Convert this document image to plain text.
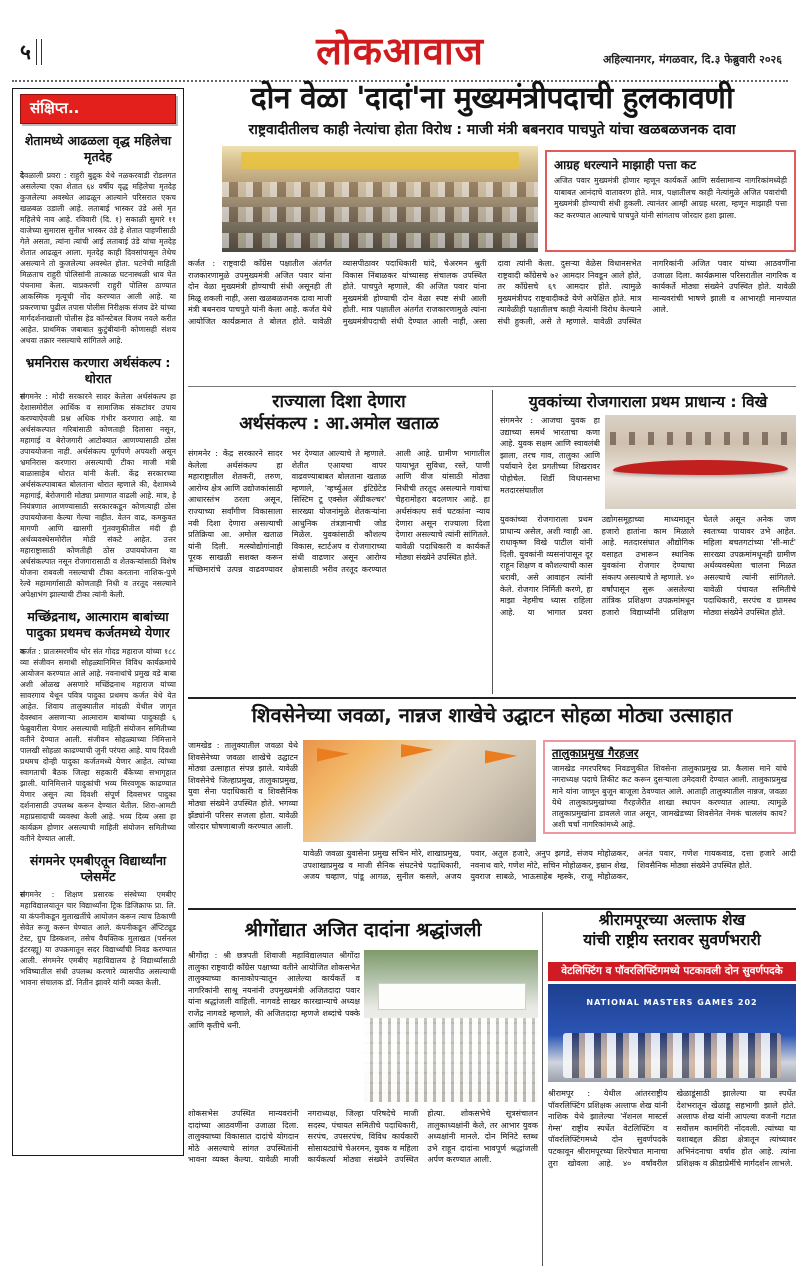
५	लोकआवाज	अहिल्यानगर, मंगळवार, दि.३ फेब्रुवारी २०२६
संक्षिप्त..
शेतामध्ये आढळला वृद्ध महिलेचा मृतदेह
देवळाली प्रवरा : राहुरी बुद्रुक येथे नळकरवाडी रोडलगत असलेल्या एका शेतात ६४ वर्षीय वृद्ध महिलेचा मृतदेह कुजलेल्या अवस्थेत आढळून आल्याने परिसरात एकच खळबळ उडाली आहे. लताबाई भास्कर उंडे असे मृत महिलेचे नाव आहे. रविवारी (दि. १) सकाळी सुमारे ११ वाजेच्या सुमारास सुनील भास्कर उंडे हे शेतात पाहणीसाठी गेले असता, त्यांना त्यांची आई लताबाई उंडे यांचा मृतदेह शेतात आढळून आला. मृतदेह काही दिवसांपासून तेथेच असल्याने तो कुजलेल्या अवस्थेत होता. घटनेची माहिती मिळताच राहुरी पोलिसांनी तात्काळ घटनास्थळी धाव घेत पंचनामा केला. याप्रकरणी राहुरी पोलिस ठाण्यात आकस्मिक मृत्यूची नोंद करण्यात आली आहे. या प्रकरणाचा पुढील तपास पोलीस निरीक्षक संजय ढेरे यांच्या मार्गदर्शनाखाली पोलीस हेड कॉन्स्टेबल विजय नवले करीत आहेत. प्राथमिक जबाबात कुटुंबीयांनी कोणासही संशय अथवा तक्रार नसल्याचे सांगितले आहे.
भ्रमनिरास करणारा अर्थसंकल्प : थोरात
संगमनेर : मोदी सरकारने सादर केलेला अर्थसंकल्प हा देशासमोरील आर्थिक व सामाजिक संकटांवर उपाय करण्याऐवजी प्रश्न अधिक गंभीर करणारा आहे. या अर्थसंकल्पात गरिबांसाठी कोणताही दिलासा नसून, महागाई व बेरोजगारी आटोक्यात आणण्यासाठी ठोस उपाययोजना नाही. अर्थसंकल्प पूर्णपणे अपयशी असून भ्रमनिरास करणारा असल्याची टीका माजी मंत्री बाळासाहेब थोरात यांनी केली. केंद्र सरकारच्या अर्थसंकल्पाबाबत बोलताना थोरात म्हणाले की, देशामध्ये महागाई, बेरोजगारी मोठ्या प्रमाणात वाढली आहे. मात्र, हे नियंत्रणात आणण्यासाठी सरकारकडून कोणत्याही ठोस उपाययोजना केल्या गेल्या नाहीत. वेतन वाढ, कमकुवत मागणी आणि खासगी गुंतवणुकीतील मंदी ही अर्थव्यवस्थेसमोरील मोठी संकटे आहेत. उत्तर महाराष्ट्रासाठी कोणतीही ठोस उपाययोजना या अर्थसंकल्पात नसून रोजगारासाठी व शेतकऱ्यांसाठी विशेष योजना राबवली नसल्याची टीका करताना नाशिक-पुणे रेल्वे महामार्गासाठी कोणताही निधी व तरतूद नसल्याने अपेक्षाभंग झाल्याची टीका त्यांनी केली.
मच्छिंद्रनाथ, आत्माराम बाबांच्या पादुका प्रथमच कर्जतमध्ये येणार
कर्जत : प्रातःस्मरणीय थोर संत गोदड महाराज यांच्या १८८ व्या संजीवन समाधी सोहळ्यानिमित्त विविध कार्यक्रमांचे आयोजन करण्यात आले आहे. नवनाथांचे प्रमुख वडे बाबा अशी ओळख असणारे मच्छिंद्रनाथ महाराज यांच्या सावरगाव येथून पवित्र पादुका प्रथमच कर्जत येथे येत आहेत. शिवाय तालुक्यातील मांदळी येथील जागृत देवस्थान असणाऱ्या आत्माराम बाबांच्या पादुकाही ६ फेब्रुवारीला येणार असल्याची माहिती संयोजन समितीच्या वतीने देण्यात आली. संजीवन सोहळ्याच्या निमित्ताने पालखी सोहळा काढण्याची जुनी परंपरा आहे. याच दिवशी प्रथमच दोन्ही पादुका कर्जतमध्ये येणार आहेत. त्यांच्या स्वागताची बैठक जिल्हा सहकारी बँकेच्या सभागृहात झाली. यानिमित्ताने पादुकांची भव्य मिरवणूक काढण्यात येणार असून त्या दिवशी संपूर्ण दिवसभर पादुका दर्शनासाठी उपलब्ध करून देण्यात येतील. शिरा-आमटी महाप्रसादाची व्यवस्था केली आहे. भव्य दिव्य असा हा कार्यक्रम होणार असल्याची माहिती संयोजन समितीच्या वतीने देण्यात आली.
संगमनेर एमबीएतून विद्यार्थ्यांना प्लेसमेंट
संगमनेर : शिक्षण प्रसारक संस्थेच्या एमबीए महाविद्यालयातून चार विद्यार्थ्यांना ट्रिक डिजिक्राफ प्रा. लि. या कंपनीकडून मुलाखतींचे आयोजन करून त्याच ठिकाणी सेवेत रूजू करून घेण्यात आले. कंपनीकडून अ‍ॅप्टिट्यूड टेस्ट, ग्रुप डिस्कशन, तसेच वैयक्तिक मुलाखत (पर्सनल इंटरव्ह्यू) या उपक्रमातून सदर विद्यार्थ्यांची निवड करण्यात आली. संगमनेर एमबीए महाविद्यालय हे विद्यार्थ्यांसाठी भविष्यातील संधी उपलब्ध करणारे व्यासपीठ असल्याची भावना संचालक डॉ. नितीन झावरे यांनी व्यक्त केली.
दोन वेळा 'दादां'ना मुख्यमंत्रीपदाची हुलकावणी
राष्ट्रवादीतीलच काही नेत्यांचा होता विरोध : माजी मंत्री बबनराव पाचपुते यांचा खळबळजनक दावा
आग्रह धरल्याने माझाही पत्ता कट
अजित पवार मुख्यमंत्री होणार म्हणून कार्यकर्ते आणि सर्वसामान्य नागरिकांमध्येही याबाबत आनंदाचे वातावरण होते. मात्र, पक्षातीलच काही नेत्यांमुळे अजित पवारांची मुख्यमंत्री होण्याची संधी हुकली. त्यानंतर आम्ही आग्रह धरला, म्हणून माझाही पत्ता कट करण्यात आल्याचे पाचपुते यांनी सांगताच जोरदार हशा झाला.
कर्जत : राष्ट्रवादी काँग्रेस पक्षातील अंतर्गत राजकारणामुळे उपमुख्यमंत्री अजित पवार यांना दोन वेळा मुख्यमंत्री होण्याची संधी असूनही ती मिळू शकली नाही, असा खळबळजनक दावा माजी मंत्री बबनराव पाचपुते यांनी केला आहे. कर्जत येथे आयोजित कार्यक्रमात ते बोलत होते. यावेळी व्यासपीठावर पदाधिकारी घांदे, चेअरमन श्रुती विकास निंबाळकर यांच्यासह संचालक उपस्थित होते. पाचपुते म्हणाले, की अजित पवार यांना मुख्यमंत्री होण्याची दोन वेळा स्पष्ट संधी आली होती. मात्र पक्षातील अंतर्गत राजकारणामुळे त्यांना मुख्यमंत्रीपदाची संधी देण्यात आली नाही, असा दावा त्यांनी केला. दुसऱ्या वेळेस विधानसभेत राष्ट्रवादी काँग्रेसचे ७२ आमदार निवडून आले होते, तर काँग्रेसचे ६९ आमदार होते. त्यामुळे मुख्यमंत्रीपद राष्ट्रवादीकडे येणे अपेक्षित होते. मात्र त्यावेळीही पक्षातीलच काही नेत्यांनी विरोध केल्याने संधी हुकली, असे ते म्हणाले. यावेळी उपस्थित नागरिकांनी अजित पवार यांच्या आठवणींना उजाळा दिला. कार्यक्रमास परिसरातील नागरिक व कार्यकर्ते मोठ्या संख्येने उपस्थित होते. यावेळी मान्यवरांची भाषणे झाली व आभारही मानण्यात आले.
राज्याला दिशा देणारा
अर्थसंकल्प : आ.अमोल खताळ
संगमनेर : केंद्र सरकारने सादर केलेला अर्थसंकल्प हा महाराष्ट्रातील शेतकरी, तरुण, आरोग्य क्षेत्र आणि उद्योजकांसाठी आधारस्तंभ ठरला असून, राज्याच्या सर्वांगीण विकासाला नवी दिशा देणारा असल्याची प्रतिक्रिया आ. अमोल खताळ यांनी दिली. मत्स्योद्योगांनाही पूरक साखळी सशक्त करून मच्छिमारांचे उत्पन्न वाढवण्यावर भर देण्यात आल्याचे ते म्हणाले. शेतीत एआयचा वापर वाढवण्याबाबत बोलताना खताळ म्हणाले, 'व्हर्च्युअल इंटिग्रेटेड सिस्टिम टू एक्सेल ॲग्रीकल्चर' सारख्या योजनांमुळे शेतकऱ्यांना आधुनिक तंत्रज्ञानाची जोड मिळेल. युवकांसाठी कौशल्य विकास, स्टार्टअप व रोजगाराच्या संधी वाढणार असून आरोग्य क्षेत्रासाठी भरीव तरतूद करण्यात आली आहे. ग्रामीण भागातील पायाभूत सुविधा, रस्ते, पाणी आणि वीज यांसाठी मोठ्या निधीची तरतूद असल्याने गावांचा चेहरामोहरा बदलणार आहे. हा अर्थसंकल्प सर्व घटकांना न्याय देणारा असून राज्याला दिशा देणारा असल्याचे त्यांनी सांगितले. यावेळी पदाधिकारी व कार्यकर्ते मोठ्या संख्येने उपस्थित होते.
युवकांच्या रोजगाराला प्रथम प्राधान्य : विखे
संगमनेर : आजचा युवक हा उद्याच्या समर्थ भारताचा कणा आहे. युवक सक्षम आणि स्वावलंबी झाला, तरच गाव, तालुका आणि पर्यायाने देश प्रगतीच्या शिखरावर पोहोचेल. शिर्डी विधानसभा मतदारसंघातील
युवकांच्या रोजगाराला प्रथम प्राधान्य असेल, अशी ग्वाही आ. राधाकृष्ण विखे पाटील यांनी दिली. युवकांनी व्यसनांपासून दूर राहून शिक्षण व कौशल्याची कास धरावी, असे आवाहन त्यांनी केले. रोजगार निर्मिती करणे, हा माझा नेहमीच ध्यास राहिला आहे. या भागात प्रवरा उद्योगसमूहाच्या माध्यमातून हजारो हातांना काम मिळाले आहे. मतदारसंघात औद्योगिक वसाहत उभारून स्थानिक युवकांना रोजगार देण्याचा संकल्प असल्याचे ते म्हणाले. ४० वर्षांपासून सुरू असलेल्या तांत्रिक प्रशिक्षण उपक्रमांमधून हजारो विद्यार्थ्यांनी प्रशिक्षण घेतले असून अनेक जण स्वतःच्या पायावर उभे आहेत. महिला बचतगटांच्या 'सी-मार्ट' सारख्या उपक्रमांमधूनही ग्रामीण अर्थव्यवस्थेला चालना मिळत असल्याचे त्यांनी सांगितले. यावेळी पंचायत समितीचे पदाधिकारी, सरपंच व ग्रामस्थ मोठ्या संख्येने उपस्थित होते.
शिवसेनेच्या जवळा, नान्नज शाखेचे उद्घाटन सोहळा मोठ्या उत्साहात
जामखेड : तालुक्यातील जवळा येथे शिवसेनेच्या जवळा शाखेचे उद्घाटन मोठ्या उत्साहात संपन्न झाले. यावेळी शिवसेनेचे जिल्हाप्रमुख, तालुकाप्रमुख, युवा सेना पदाधिकारी व शिवसैनिक मोठ्या संख्येने उपस्थित होते. भगव्या झेंड्यांनी परिसर सजला होता. यावेळी जोरदार घोषणाबाजी करण्यात आली.
तालुकाप्रमुख गैरहजर
जामखेड नगरपरिषद निवडणुकीत शिवसेना तालुकाप्रमुख प्रा. कैलास माने यांचे नगराध्यक्ष पदाचे तिकीट कट करून दुसऱ्याला उमेदवारी देण्यात आली. तालुकाप्रमुख माने यांना जाणून बुजून बाजूला ठेवण्यात आले. आताही तालुक्यातील नान्नज, जवळा येथे तालुकाप्रमुखांच्या गैरहजेरीत शाखा स्थापन करण्यात आल्या. त्यामुळे तालुकाप्रमुखांना डावलले जात असून, जामखेडच्या शिवसेनेत नेमकं चाललंय काय? अशी चर्चा नागरिकांमध्ये आहे.
यावेळी जवळा युवासेना प्रमुख सचिन मोरे, शाखाप्रमुख, उपशाखाप्रमुख व माजी सैनिक संघटनेचे पदाधिकारी, अजय चव्हाण, पांडू आगळ, सुनील कसले, अजय पवार, अतुल हजारे, अनुप झगडे, संजय मोहोळकर, नवनाथ वारे, गणेश मोटे, सचिन मोहोळकर, इम्रान शेख, युवराज साबळे, भाऊसाहेब म्हस्के, राजू मोहोळकर, अनंत पवार, गणेश गायकवाड, दत्ता हजारे आदी शिवसैनिक मोठ्या संख्येने उपस्थित होते.
श्रीगोंद्यात अजित दादांना श्रद्धांजली
श्रीगोंदा : श्री छत्रपती शिवाजी महाविद्यालयात श्रीगोंदा तालुका राष्ट्रवादी काँग्रेस पक्षाच्या वतीने आयोजित शोकसभेत तालुक्याच्या कानाकोपऱ्यातून आलेल्या कार्यकर्ते व नागरिकांनी साश्रू नयनांनी उपमुख्यमंत्री अजितदादा पवार यांना श्रद्धांजली वाहिली. नागवडे साखर कारखान्याचे अध्यक्ष राजेंद्र नागवडे म्हणाले, की अजितदादा म्हणजे शब्दांचे पक्के आणि कृतीचे धनी.
शोकसभेस उपस्थित मान्यवरांनी दादांच्या आठवणींना उजाळा दिला. तालुक्याच्या विकासात दादांचे योगदान मोठे असल्याचे सांगत उपस्थितांनी भावना व्यक्त केल्या. यावेळी माजी नगराध्यक्ष, जिल्हा परिषदेचे माजी सदस्य, पंचायत समितीचे पदाधिकारी, सरपंच, उपसरपंच, विविध कार्यकारी सोसायट्यांचे चेअरमन, युवक व महिला कार्यकर्त्या मोठ्या संख्येने उपस्थित होत्या. शोकसभेचे सूत्रसंचालन तालुकाध्यक्षांनी केले, तर आभार युवक अध्यक्षांनी मानले. दोन मिनिटे स्तब्ध उभे राहून दादांना भावपूर्ण श्रद्धांजली अर्पण करण्यात आली.
श्रीरामपूरच्या अल्ताफ शेख
यांची राष्ट्रीय स्तरावर सुवर्णभरारी
वेटलिफ्टिंग व पॉवरलिफ्टिंगमध्ये पटकावली दोन सुवर्णपदके
NATIONAL MASTERS GAMES 202
श्रीरामपूर : येथील आंतरराष्ट्रीय पॉवरलिफ्टिंग प्रशिक्षक अल्ताफ शेख यांनी नाशिक येथे झालेल्या 'नॅशनल मास्टर्स गेम्स' राष्ट्रीय स्पर्धेत वेटलिफ्टिंग व पॉवरलिफ्टिंगमध्ये दोन सुवर्णपदके पटकावून श्रीरामपूरच्या शिरपेचात मानाचा तुरा खोवला आहे. ४० वर्षांवरील खेळाडूंसाठी झालेल्या या स्पर्धेत देशभरातून खेळाडू सहभागी झाले होते. अल्ताफ शेख यांनी आपल्या वजनी गटात सर्वोत्तम कामगिरी नोंदवली. त्यांच्या या यशाबद्दल क्रीडा क्षेत्रातून त्यांच्यावर अभिनंदनाचा वर्षाव होत आहे. त्यांना प्रशिक्षक व क्रीडाप्रेमींचे मार्गदर्शन लाभले.
